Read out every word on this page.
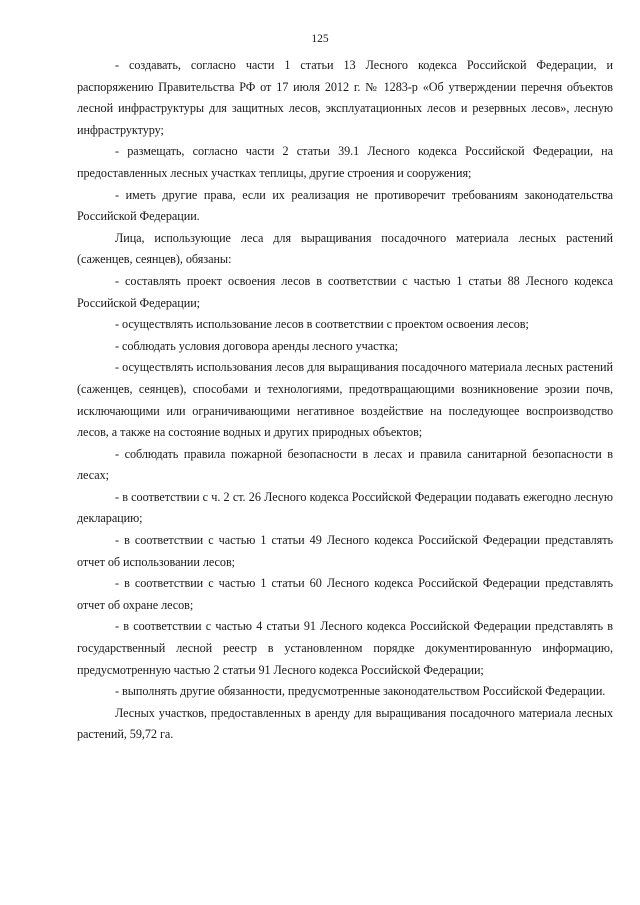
125

- создавать, согласно части 1 статьи 13 Лесного кодекса Российской Федерации, и распоряжению Правительства РФ от 17 июля 2012 г. № 1283-р «Об утверждении перечня объектов лесной инфраструктуры для защитных лесов, эксплуатационных лесов и резервных лесов», лесную инфраструктуру;

- размещать, согласно части 2 статьи 39.1 Лесного кодекса Российской Федерации, на предоставленных лесных участках теплицы, другие строения и сооружения;

- иметь другие права, если их реализация не противоречит требованиям законодательства Российской Федерации.

Лица, использующие леса для выращивания посадочного материала лесных растений (саженцев, сеянцев), обязаны:

- составлять проект освоения лесов в соответствии с частью 1 статьи 88 Лесного кодекса Российской Федерации;

- осуществлять использование лесов в соответствии с проектом освоения лесов;

- соблюдать условия договора аренды лесного участка;

- осуществлять использования лесов для выращивания посадочного материала лесных растений (саженцев, сеянцев), способами и технологиями, предотвращающими возникновение эрозии почв, исключающими или ограничивающими негативное воздействие на последующее воспроизводство лесов, а также на состояние водных и других природных объектов;

- соблюдать правила пожарной безопасности в лесах и правила санитарной безопасности в лесах;

- в соответствии с ч. 2 ст. 26 Лесного кодекса Российской Федерации подавать ежегодно лесную декларацию;

- в соответствии с частью 1 статьи 49 Лесного кодекса Российской Федерации представлять отчет об использовании лесов;

- в соответствии с частью 1 статьи 60 Лесного кодекса Российской Федерации представлять отчет об охране лесов;

- в соответствии с частью 4 статьи 91 Лесного кодекса Российской Федерации представлять в государственный лесной реестр в установленном порядке документированную информацию, предусмотренную частью 2 статьи 91 Лесного кодекса Российской Федерации;

- выполнять другие обязанности, предусмотренные законодательством Российской Федерации.

Лесных участков, предоставленных в аренду для выращивания посадочного материала лесных растений, 59,72 га.
